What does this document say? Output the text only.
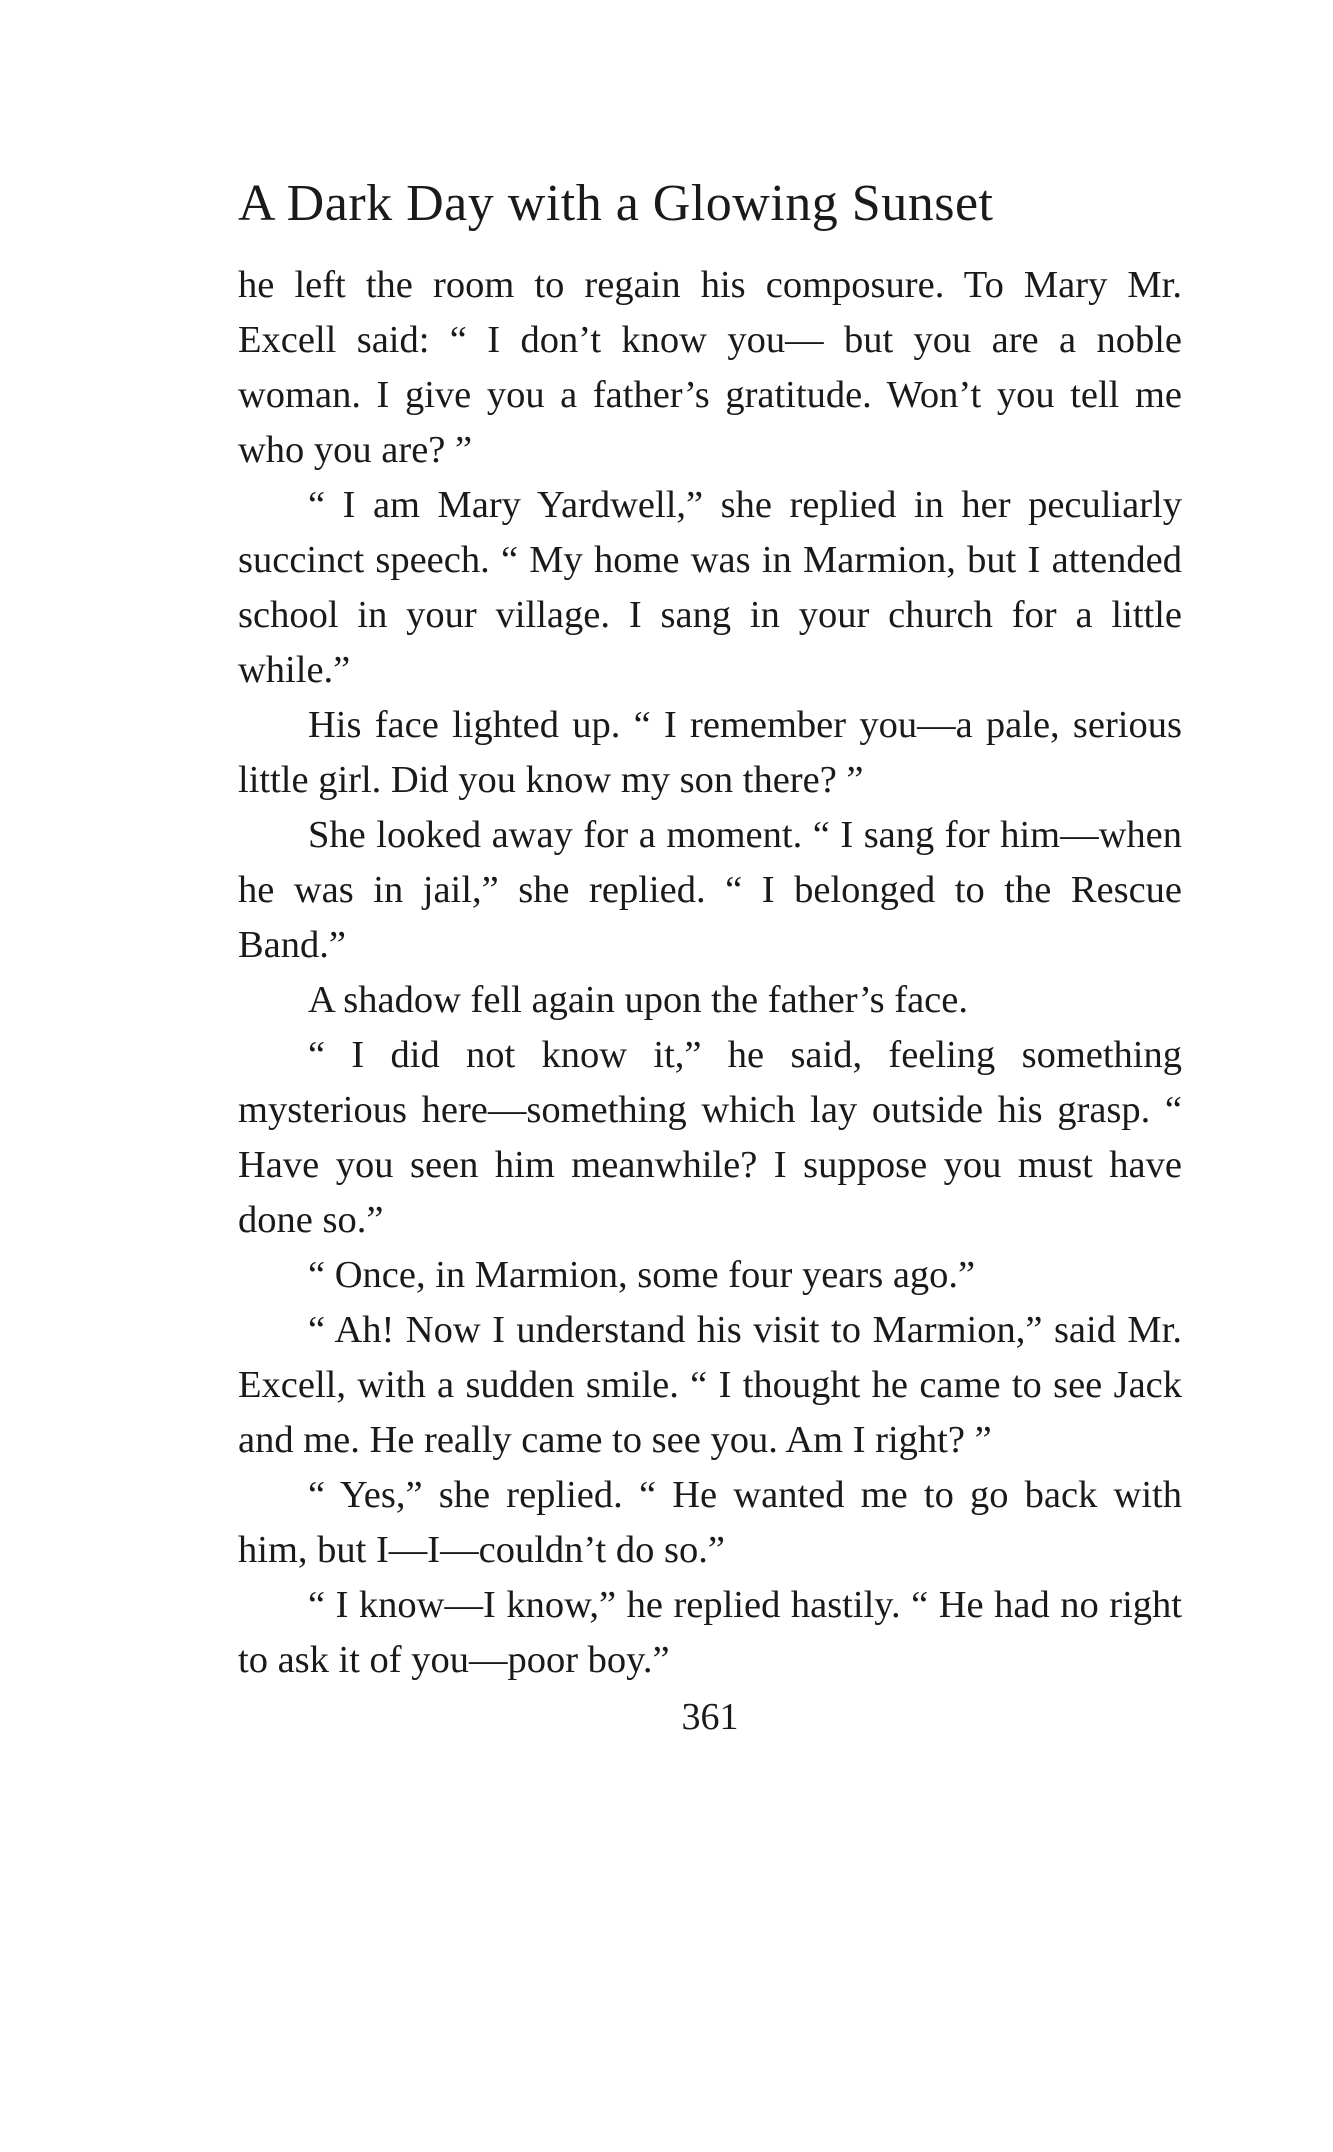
A Dark Day with a Glowing Sunset

he left the room to regain his composure. To Mary Mr. Excell said: “ I don’t know you— but you are a noble woman. I give you a father’s gratitude. Won’t you tell me who you are? ”

“ I am Mary Yardwell,” she replied in her peculiarly succinct speech. “ My home was in Marmion, but I attended school in your village. I sang in your church for a little while.”

His face lighted up. “ I remember you—a pale, serious little girl. Did you know my son there? ”

She looked away for a moment. “ I sang for him—when he was in jail,” she replied. “ I belonged to the Rescue Band.”

A shadow fell again upon the father’s face.

“ I did not know it,” he said, feeling something mysterious here—something which lay outside his grasp. “ Have you seen him meanwhile? I suppose you must have done so.”

“ Once, in Marmion, some four years ago.”

“ Ah! Now I understand his visit to Marmion,” said Mr. Excell, with a sudden smile. “ I thought he came to see Jack and me. He really came to see you. Am I right? ”

“ Yes,” she replied. “ He wanted me to go back with him, but I—I—couldn’t do so.”

“ I know—I know,” he replied hastily. “ He had no right to ask it of you—poor boy.”

361
